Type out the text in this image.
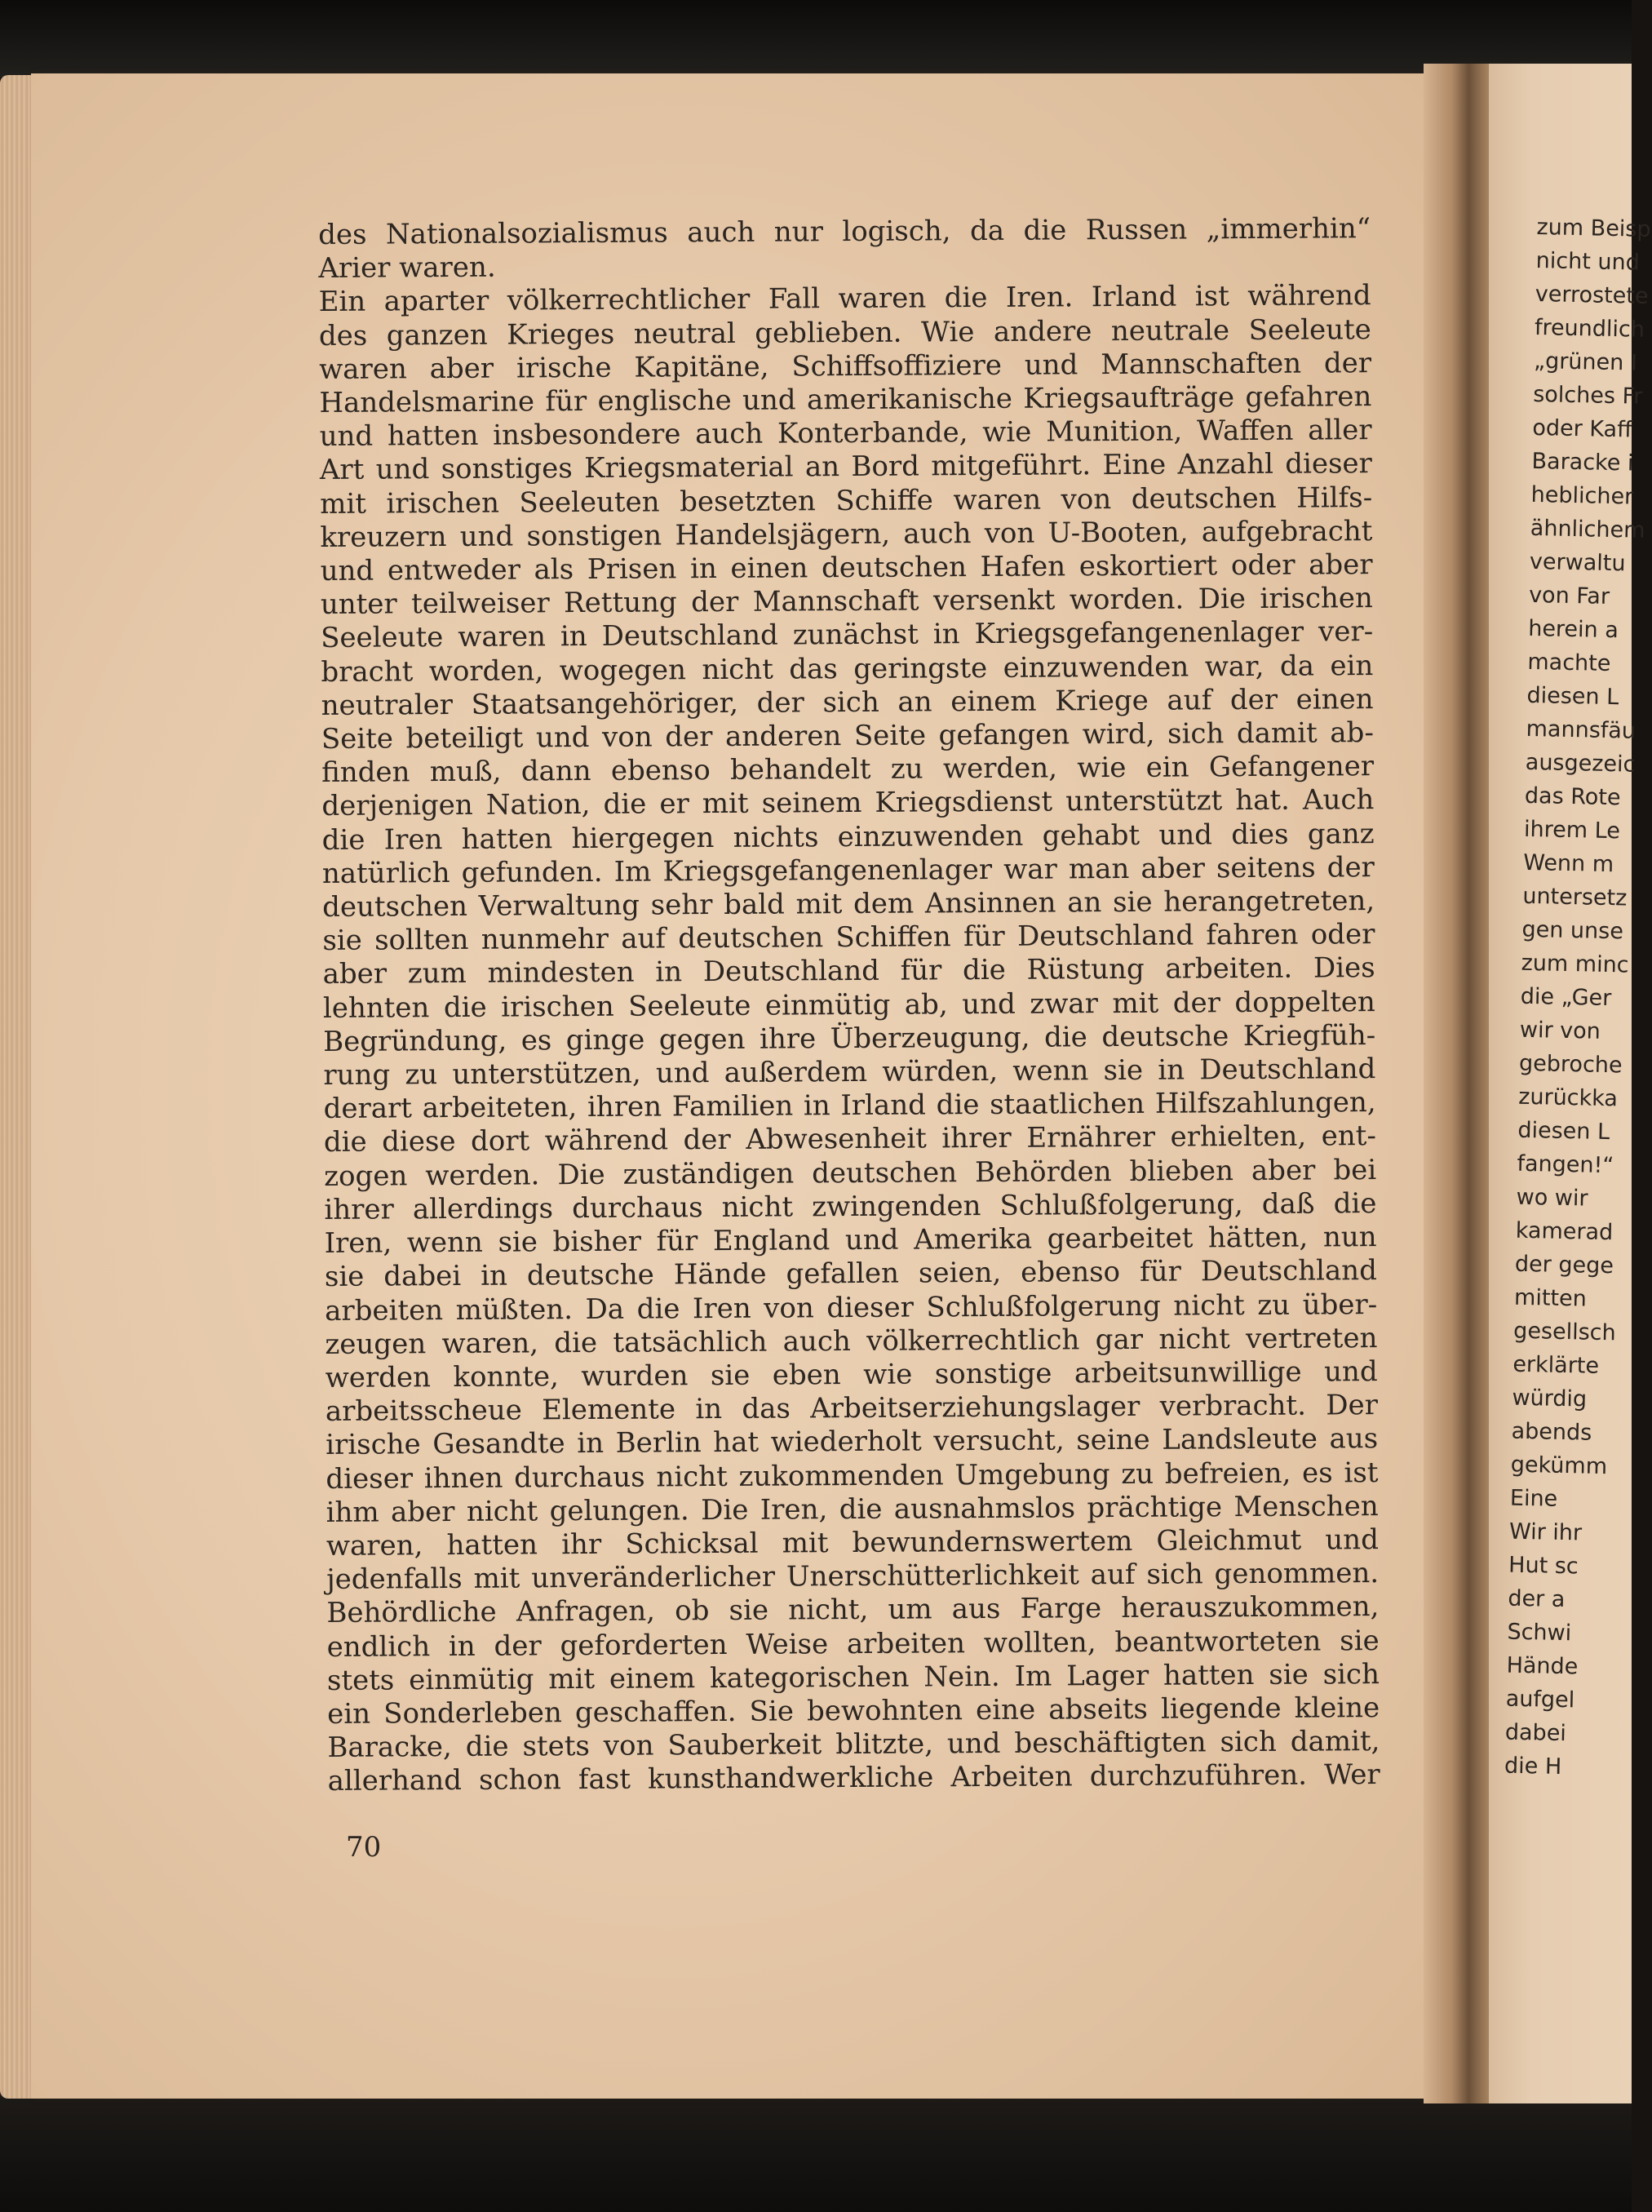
des Nationalsozialismus auch nur logisch, da die Russen „immerhin“
Arier waren.
Ein aparter völkerrechtlicher Fall waren die Iren. Irland ist während
des ganzen Krieges neutral geblieben. Wie andere neutrale Seeleute
waren aber irische Kapitäne, Schiffsoffiziere und Mannschaften der
Handelsmarine für englische und amerikanische Kriegsaufträge gefahren
und hatten insbesondere auch Konterbande, wie Munition, Waffen aller
Art und sonstiges Kriegsmaterial an Bord mitgeführt. Eine Anzahl dieser
mit irischen Seeleuten besetzten Schiffe waren von deutschen Hilfs-
kreuzern und sonstigen Handelsjägern, auch von U-Booten, aufgebracht
und entweder als Prisen in einen deutschen Hafen eskortiert oder aber
unter teilweiser Rettung der Mannschaft versenkt worden. Die irischen
Seeleute waren in Deutschland zunächst in Kriegsgefangenenlager ver-
bracht worden, wogegen nicht das geringste einzuwenden war, da ein
neutraler Staatsangehöriger, der sich an einem Kriege auf der einen
Seite beteiligt und von der anderen Seite gefangen wird, sich damit ab-
finden muß, dann ebenso behandelt zu werden, wie ein Gefangener
derjenigen Nation, die er mit seinem Kriegsdienst unterstützt hat. Auch
die Iren hatten hiergegen nichts einzuwenden gehabt und dies ganz
natürlich gefunden. Im Kriegsgefangenenlager war man aber seitens der
deutschen Verwaltung sehr bald mit dem Ansinnen an sie herangetreten,
sie sollten nunmehr auf deutschen Schiffen für Deutschland fahren oder
aber zum mindesten in Deutschland für die Rüstung arbeiten. Dies
lehnten die irischen Seeleute einmütig ab, und zwar mit der doppelten
Begründung, es ginge gegen ihre Überzeugung, die deutsche Kriegfüh-
rung zu unterstützen, und außerdem würden, wenn sie in Deutschland
derart arbeiteten, ihren Familien in Irland die staatlichen Hilfszahlungen,
die diese dort während der Abwesenheit ihrer Ernährer erhielten, ent-
zogen werden. Die zuständigen deutschen Behörden blieben aber bei
ihrer allerdings durchaus nicht zwingenden Schlußfolgerung, daß die
Iren, wenn sie bisher für England und Amerika gearbeitet hätten, nun
sie dabei in deutsche Hände gefallen seien, ebenso für Deutschland
arbeiten müßten. Da die Iren von dieser Schlußfolgerung nicht zu über-
zeugen waren, die tatsächlich auch völkerrechtlich gar nicht vertreten
werden konnte, wurden sie eben wie sonstige arbeitsunwillige und
arbeitsscheue Elemente in das Arbeitserziehungslager verbracht. Der
irische Gesandte in Berlin hat wiederholt versucht, seine Landsleute aus
dieser ihnen durchaus nicht zukommenden Umgebung zu befreien, es ist
ihm aber nicht gelungen. Die Iren, die ausnahmslos prächtige Menschen
waren, hatten ihr Schicksal mit bewundernswertem Gleichmut und
jedenfalls mit unveränderlicher Unerschütterlichkeit auf sich genommen.
Behördliche Anfragen, ob sie nicht, um aus Farge herauszukommen,
endlich in der geforderten Weise arbeiten wollten, beantworteten sie
stets einmütig mit einem kategorischen Nein. Im Lager hatten sie sich
ein Sonderleben geschaffen. Sie bewohnten eine abseits liegende kleine
Baracke, die stets von Sauberkeit blitzte, und beschäftigten sich damit,
allerhand schon fast kunsthandwerkliche Arbeiten durchzuführen. Wer

70

zum Beisp
nicht und
verrostete
freundlich
„grünen I
solches Fr
oder Kaff
Baracke i
heblicher
ähnlichem
verwaltu
von Far
herein a
machte
diesen L
mannsfäu
ausgezeic
das Rote
ihrem Le
Wenn m
untersetz
gen unse
zum minc
die „Ger
wir von
gebroche
zurückka
diesen L
fangen!“
wo wir
kamerad
der gege
mitten
gesellsch
erklärte
würdig
abends
gekümm
Eine
Wir ihr
Hut sc
der a
Schwi
Hände
aufgel
dabei
die H
